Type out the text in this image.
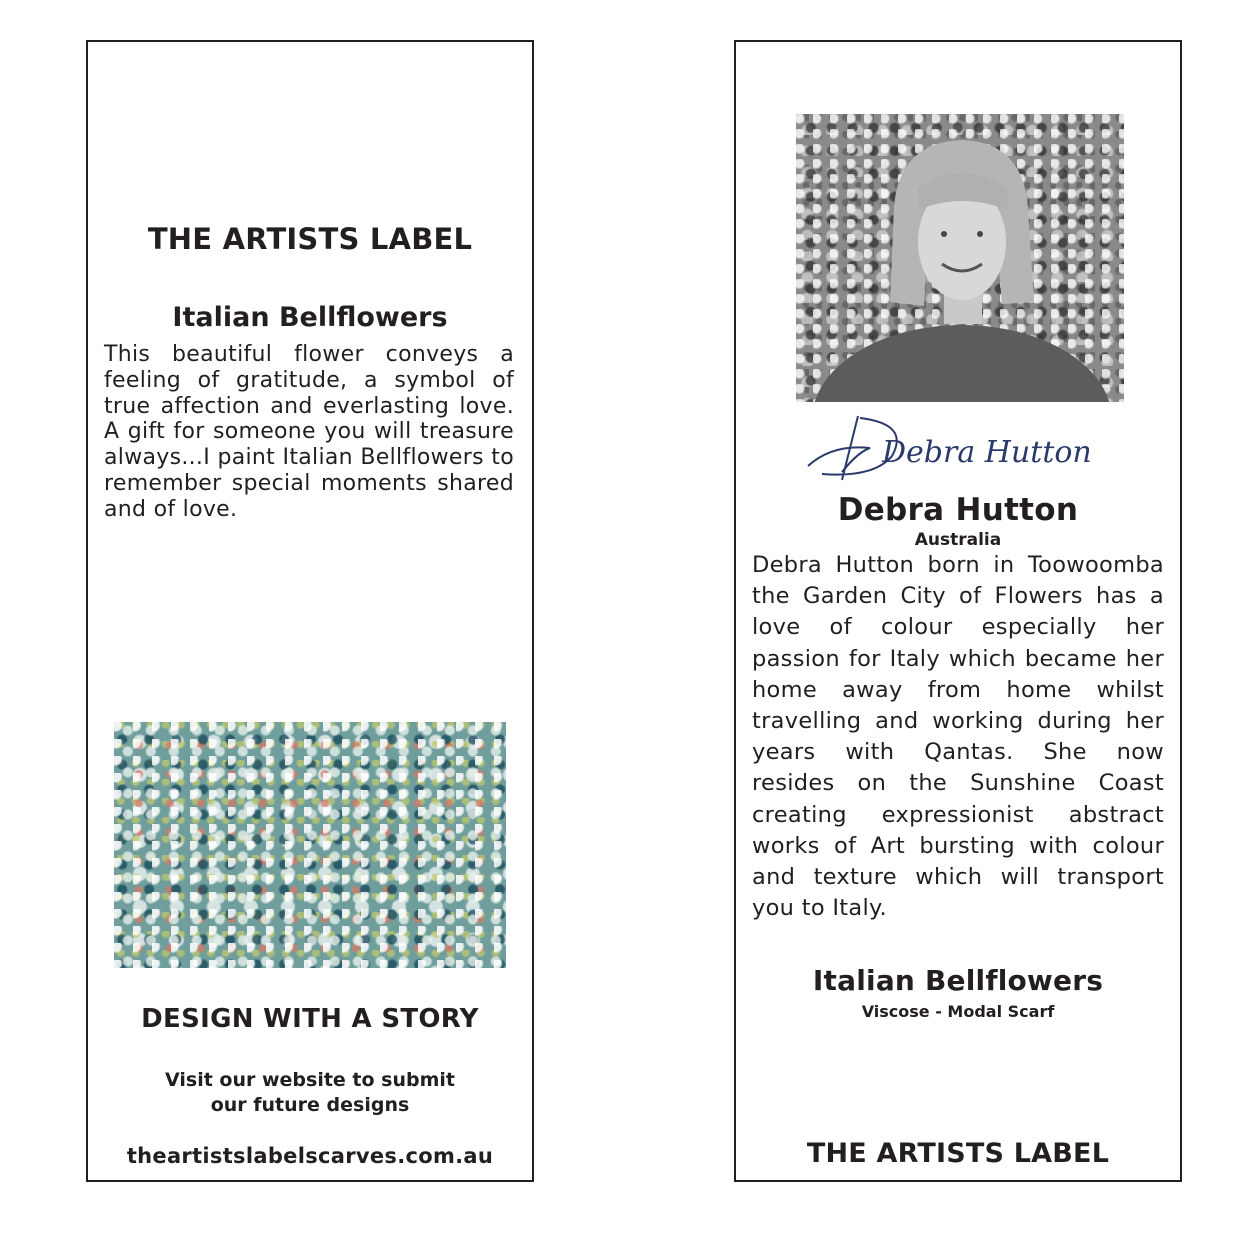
THE ARTISTS LABEL
Italian Bellflowers
This beautiful flower conveys a feeling of gratitude, a symbol of true affection and everlasting love. A gift for someone you will treasure always...I paint Italian Bellflowers to remember special moments shared and of love.
DESIGN WITH A STORY
Visit our website to submit
our future designs
theartistslabelscarves.com.au
Debra Hutton
Debra Hutton
Australia
Debra Hutton born in Toowoomba the Garden City of Flowers has a love of colour especially her passion for Italy which became her home away from home whilst travelling and working during her years with Qantas. She now resides on the Sunshine Coast creating expressionist abstract works of Art bursting with colour and texture which will transport you to Italy.
Italian Bellflowers
Viscose - Modal Scarf
THE ARTISTS LABEL
